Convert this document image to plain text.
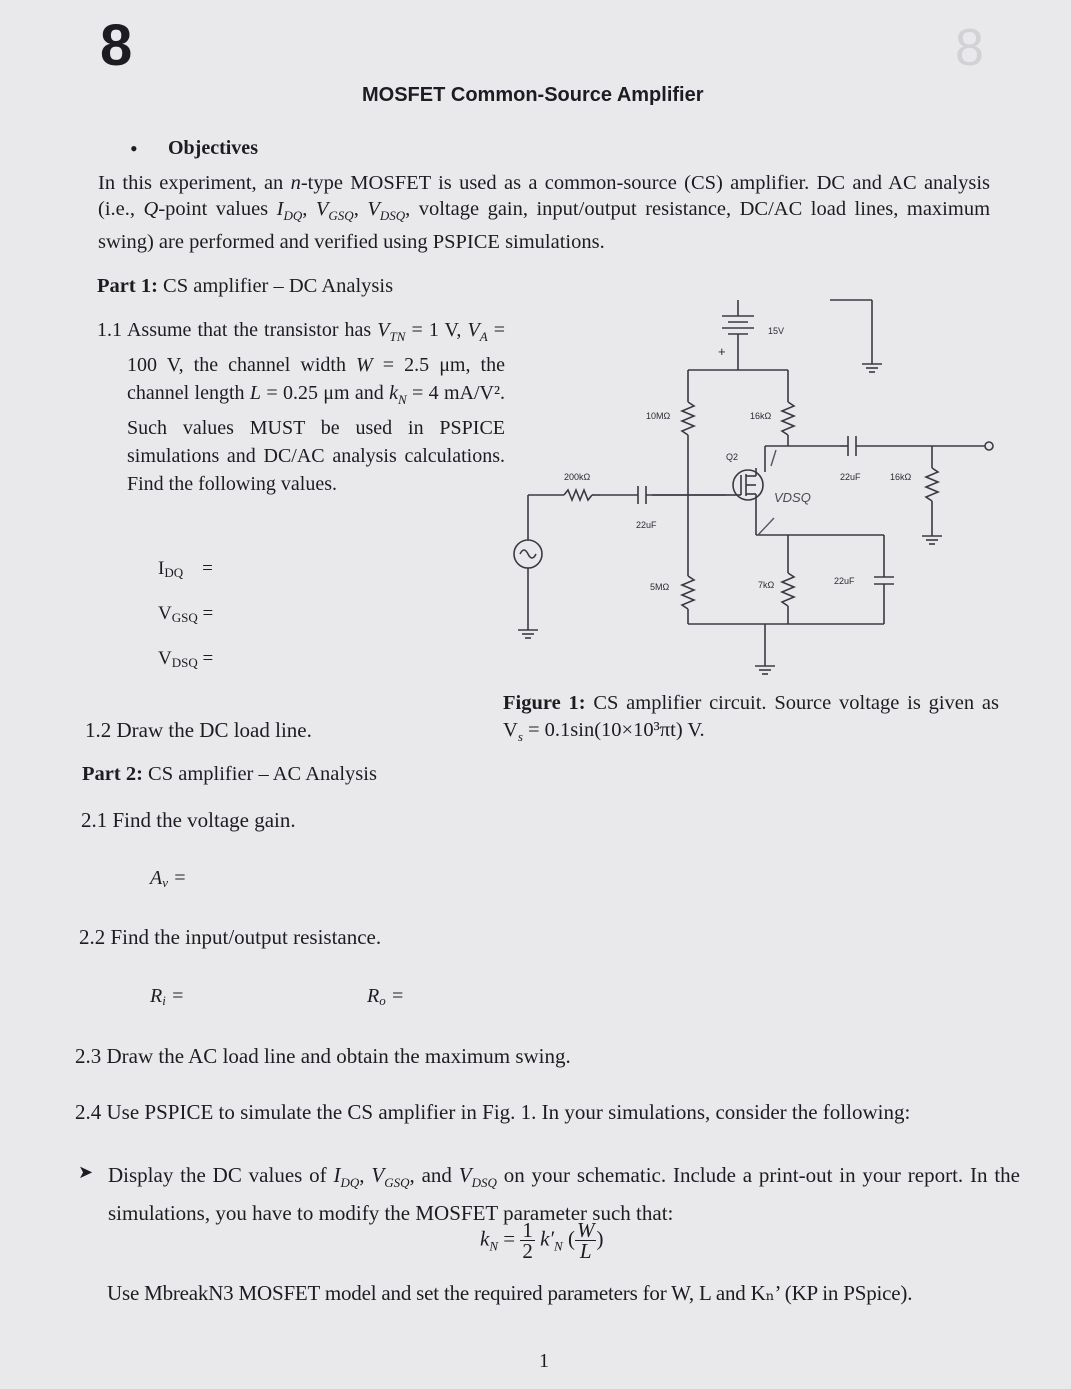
8	8
MOSFET Common-Source Amplifier
• Objectives
In this experiment, an n-type MOSFET is used as a common-source (CS) amplifier. DC and AC analysis (i.e., Q-point values $I_{DQ}$, $V_{GSQ}$, $V_{DSQ}$, voltage gain, input/output resistance, DC/AC load lines, maximum swing) are performed and verified using PSPICE simulations.
Part 1: CS amplifier – DC Analysis
1.1 Assume that the transistor has $V_{TN} = 1$ V, $V_A = 100$ V, the channel width W = 2.5 μm, the channel length L = 0.25 μm and $k_N = 4$ mA/V². Such values MUST be used in PSPICE simulations and DC/AC analysis calculations. Find the following values.
$I_{DQ}$ =
$V_{GSQ}$ =
$V_{DSQ}$ =
1.2 Draw the DC load line.
Figure 1: CS amplifier circuit. Source voltage is given as $V_s = 0.1\sin(10\times 10^3\pi t)$ V.
Part 2: CS amplifier – AC Analysis
2.1 Find the voltage gain.
$A_v$ =
2.2 Find the input/output resistance.
$R_i$ =	$R_o$ =
2.3 Draw the AC load line and obtain the maximum swing.
2.4 Use PSPICE to simulate the CS amplifier in Fig. 1. In your simulations, consider the following:
➤ Display the DC values of $I_{DQ}$, $V_{GSQ}$, and $V_{DSQ}$ on your schematic. Include a print-out in your report. In the simulations, you have to modify the MOSFET parameter such that:
$k_N = \frac{1}{2} k'_N$ ( $\frac{W}{L}$ )
Use MbreakN3 MOSFET model and set the required parameters for W, L and Kₙ’ (KP in PSpice).
1
15V
+
10MΩ	16kΩ
Q2
200kΩ
22uF
22uF	16kΩ
5MΩ	7kΩ	22uF
VDSQ
